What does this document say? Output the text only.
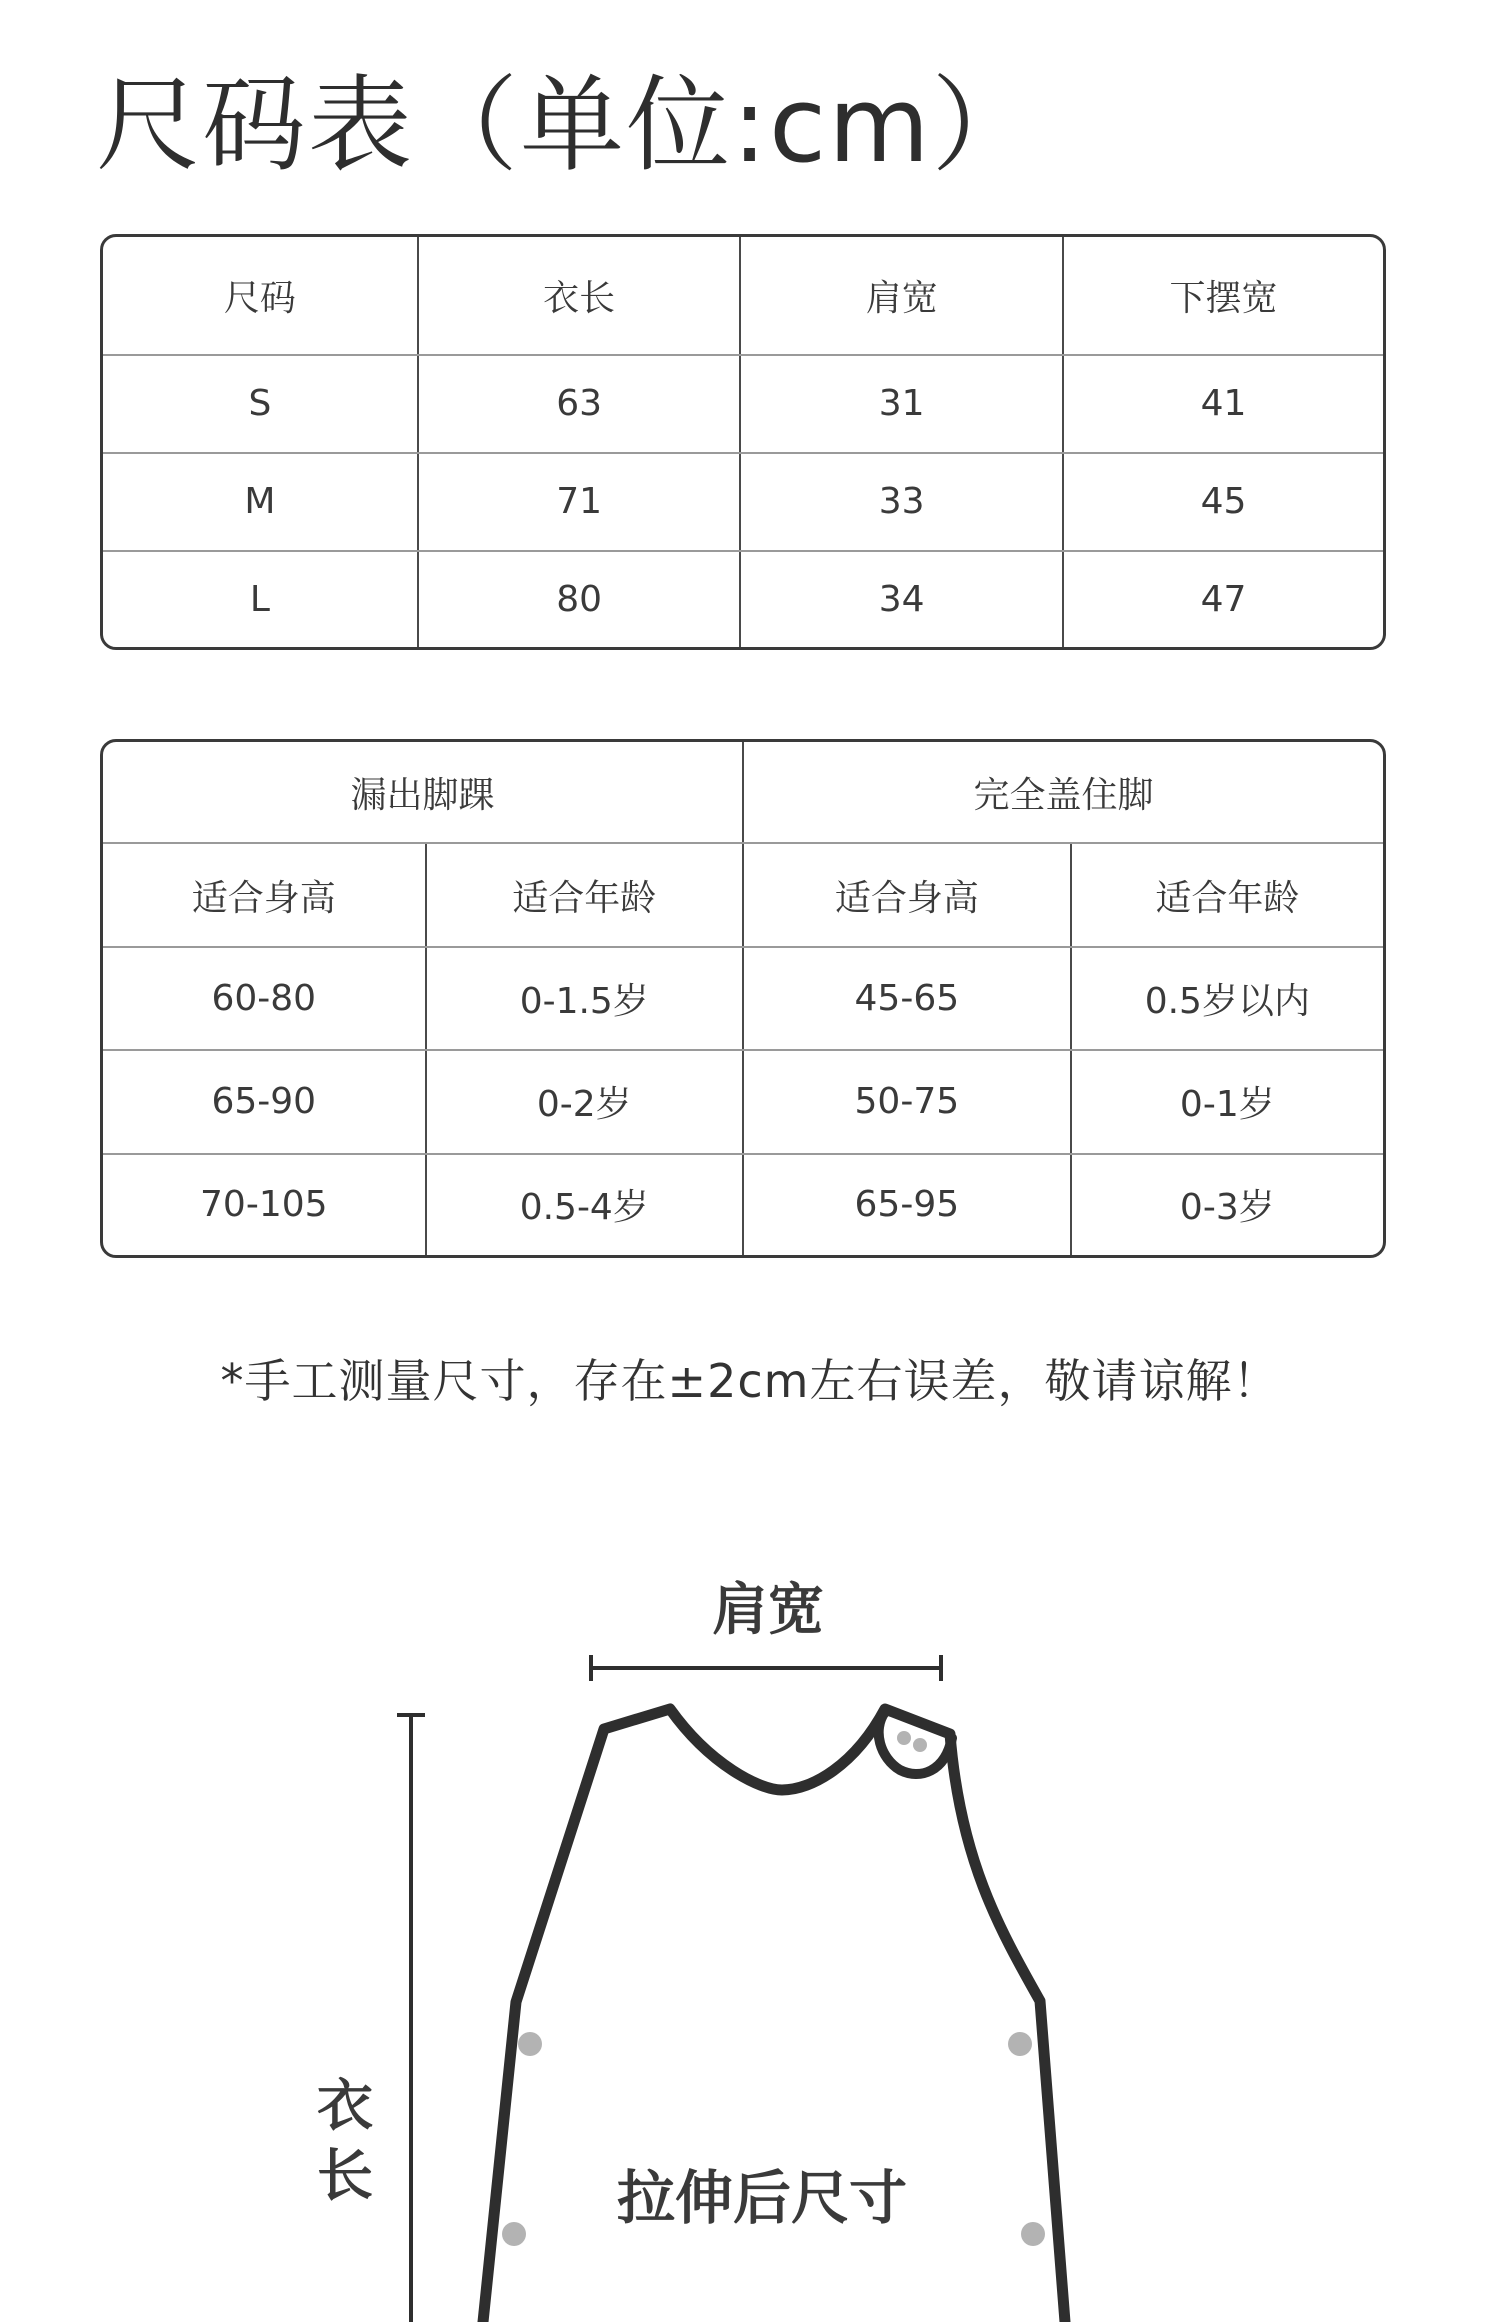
尺码表（单位:cm）
尺码	衣长	肩宽	下摆宽
S	63	31	41
M	71	33	45
L	80	34	47
漏出脚踝		完全盖住脚	
适合身高	适合年龄	适合身高	适合年龄
60-80	0-1.5岁	45-65	0.5岁以内
65-90	0-2岁	50-75	0-1岁
70-105	0.5-4岁	65-95	0-3岁
*手工测量尺寸，存在±2cm左右误差，敬请谅解！
肩宽
衣
长	拉伸后尺寸
